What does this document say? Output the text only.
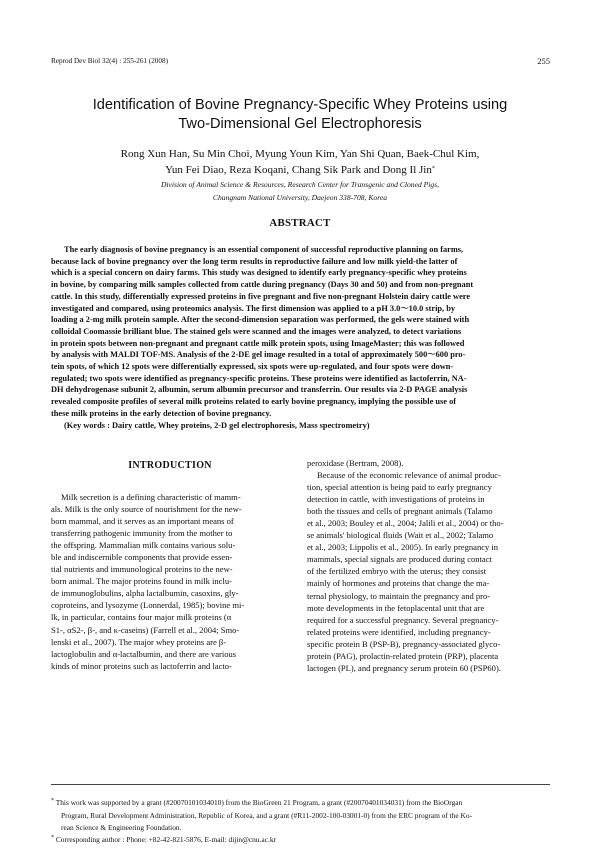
Reprod Dev Biol 32(4) : 255-261 (2008)	255
Identification of Bovine Pregnancy-Specific Whey Proteins using
Two-Dimensional Gel Electrophoresis
Rong Xun Han, Su Min Choi, Myung Youn Kim, Yan Shi Quan, Baek-Chul Kim,
Yun Fei Diao, Reza Koqani, Chang Sik Park and Dong Il Jin*
Division of Animal Science & Resources, Research Center for Transgenic and Cloned Pigs,
Chungnam National University, Daejeon 338-708, Korea
ABSTRACT
The early diagnosis of bovine pregnancy is an essential component of successful reproductive planning on farms,
because lack of bovine pregnancy over the long term results in reproductive failure and low milk yield-the latter of
which is a special concern on dairy farms. This study was designed to identify early pregnancy-specific whey proteins
in bovine, by comparing milk samples collected from cattle during pregnancy (Days 30 and 50) and from non-pregnant
cattle. In this study, differentially expressed proteins in five pregnant and five non-pregnant Holstein dairy cattle were
investigated and compared, using proteomics analysis. The first dimension was applied to a pH 3.0～10.0 strip, by
loading a 2-mg milk protein sample. After the second-dimension separation was performed, the gels were stained with
colloidal Coomassie brilliant blue. The stained gels were scanned and the images were analyzed, to detect variations
in protein spots between non-pregnant and pregnant cattle milk protein spots, using ImageMaster; this was followed
by analysis with MALDI TOF-MS. Analysis of the 2-DE gel image resulted in a total of approximately 500～600 pro-
tein spots, of which 12 spots were differentially expressed, six spots were up-regulated, and four spots were down-
regulated; two spots were identified as pregnancy-specific proteins. These proteins were identified as lactoferrin, NA-
DH dehydrogenase subunit 2, albumin, serum albumin precursor and transferrin. Our results via 2-D PAGE analysis
revealed composite profiles of several milk proteins related to early bovine pregnancy, implying the possible use of
these milk proteins in the early detection of bovine pregnancy.
(Key words : Dairy cattle, Whey proteins, 2-D gel electrophoresis, Mass spectrometry)
INTRODUCTION
Milk secretion is a defining characteristic of mamm-
als. Milk is the only source of nourishment for the new-
born mammal, and it serves as an important means of
transferring pathogenic immunity from the mother to
the offspring. Mammalian milk contains various solu-
ble and indiscernible components that provide essen-
tial nutrients and immunological proteins to the new-
born animal. The major proteins found in milk inclu-
de immunoglobulins, alpha lactalbumin, casoxins, gly-
coproteins, and lysozyme (Lonnerdal, 1985); bovine mi-
lk, in particular, contains four major milk proteins (α
S1-, αS2-, β-, and κ-caseins) (Farrell et al., 2004; Smo-
lenski et al., 2007). The major whey proteins are β-
lactoglobulin and α-lactalbumin, and there are various
kinds of minor proteins such as lactoferrin and lacto-
peroxidase (Bertram, 2008).
Because of the economic relevance of animal produc-
tion, special attention is being paid to early pregnancy
detection in cattle, with investigations of proteins in
both the tissues and cells of pregnant animals (Talamo
et al., 2003; Bouley et al., 2004; Jalili et al., 2004) or tho-
se animals' biological fluids (Wait et al., 2002; Talamo
et al., 2003; Lippolis et al., 2005). In early pregnancy in
mammals, special signals are produced during contact
of the fertilized embryo with the uterus; they consist
mainly of hormones and proteins that change the ma-
ternal physiology, to maintain the pregnancy and pro-
mote developments in the fetoplacental unit that are
required for a successful pregnancy. Several pregnancy-
related proteins were identified, including pregnancy-
specific protein B (PSP-B), pregnancy-associated glyco-
protein (PAG), prolactin-related protein (PRP), placenta
lactogen (PL), and pregnancy serum protein 60 (PSP60).
* This work was supported by a grant (#20070101034010) from the BioGreen 21 Program, a grant (#20070401034031) from the BioOrgan
Program, Rural Development Administration, Republic of Korea, and a grant (#R11-2002-100-03001-0) from the ERC program of the Ko-
rean Science & Engineering Foundation.
* Corresponding author : Phone: +82-42-821-5876, E-mail: dijin@cnu.ac.kr
